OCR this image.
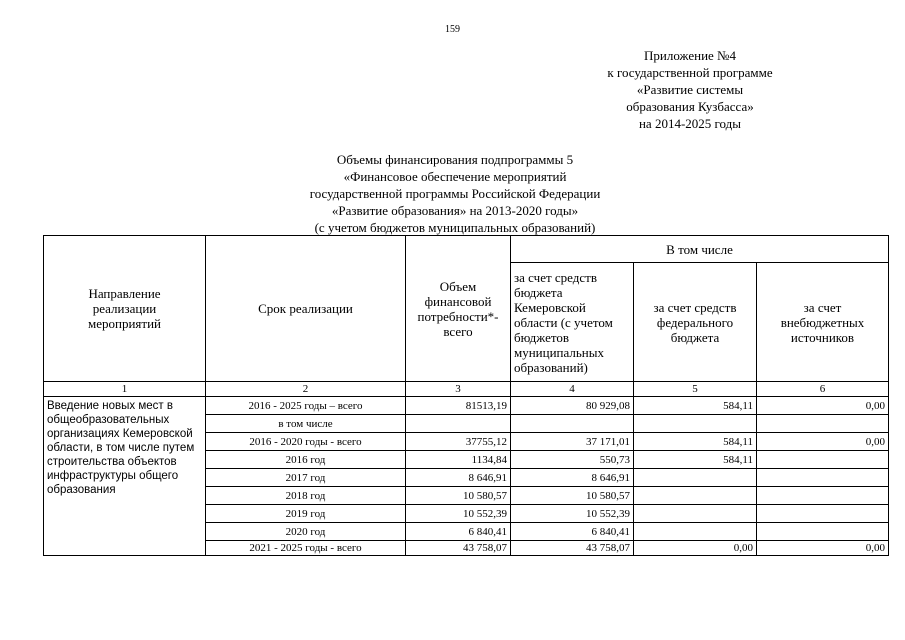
159
Приложение №4
к государственной программе
«Развитие системы
образования Кузбасса»
на 2014-2025 годы
Объемы финансирования подпрограммы 5
«Финансовое обеспечение мероприятий
государственной программы Российской Федерации
«Развитие образования» на 2013-2020 годы»
(с учетом бюджетов муниципальных образований)
Направление реализации мероприятий	Срок реализации	Объем финансовой потребности*-всего	В том числе		

			за счет средств бюджета Кемеровской области (с учетом бюджетов муниципальных образований)	за счет средств федерального бюджета	за счет внебюджетных источников

1	2	3	4	5	6
Введение новых мест в общеобразовательных организациях Кемеровской области, в том числе путем строительства объектов инфраструктуры общего образования	2016 - 2025 годы – всего	81513,19	80 929,08	584,11	0,00
	в том числе				
	2016 - 2020 годы - всего	37755,12	37 171,01	584,11	0,00
	2016 год	1134,84	550,73	584,11	
	2017 год	8 646,91	8 646,91		
	2018 год	10 580,57	10 580,57		
	2019 год	10 552,39	10 552,39		
	2020 год	6 840,41	6 840,41		
	2021 - 2025 годы - всего	43 758,07	43 758,07	0,00	0,00
